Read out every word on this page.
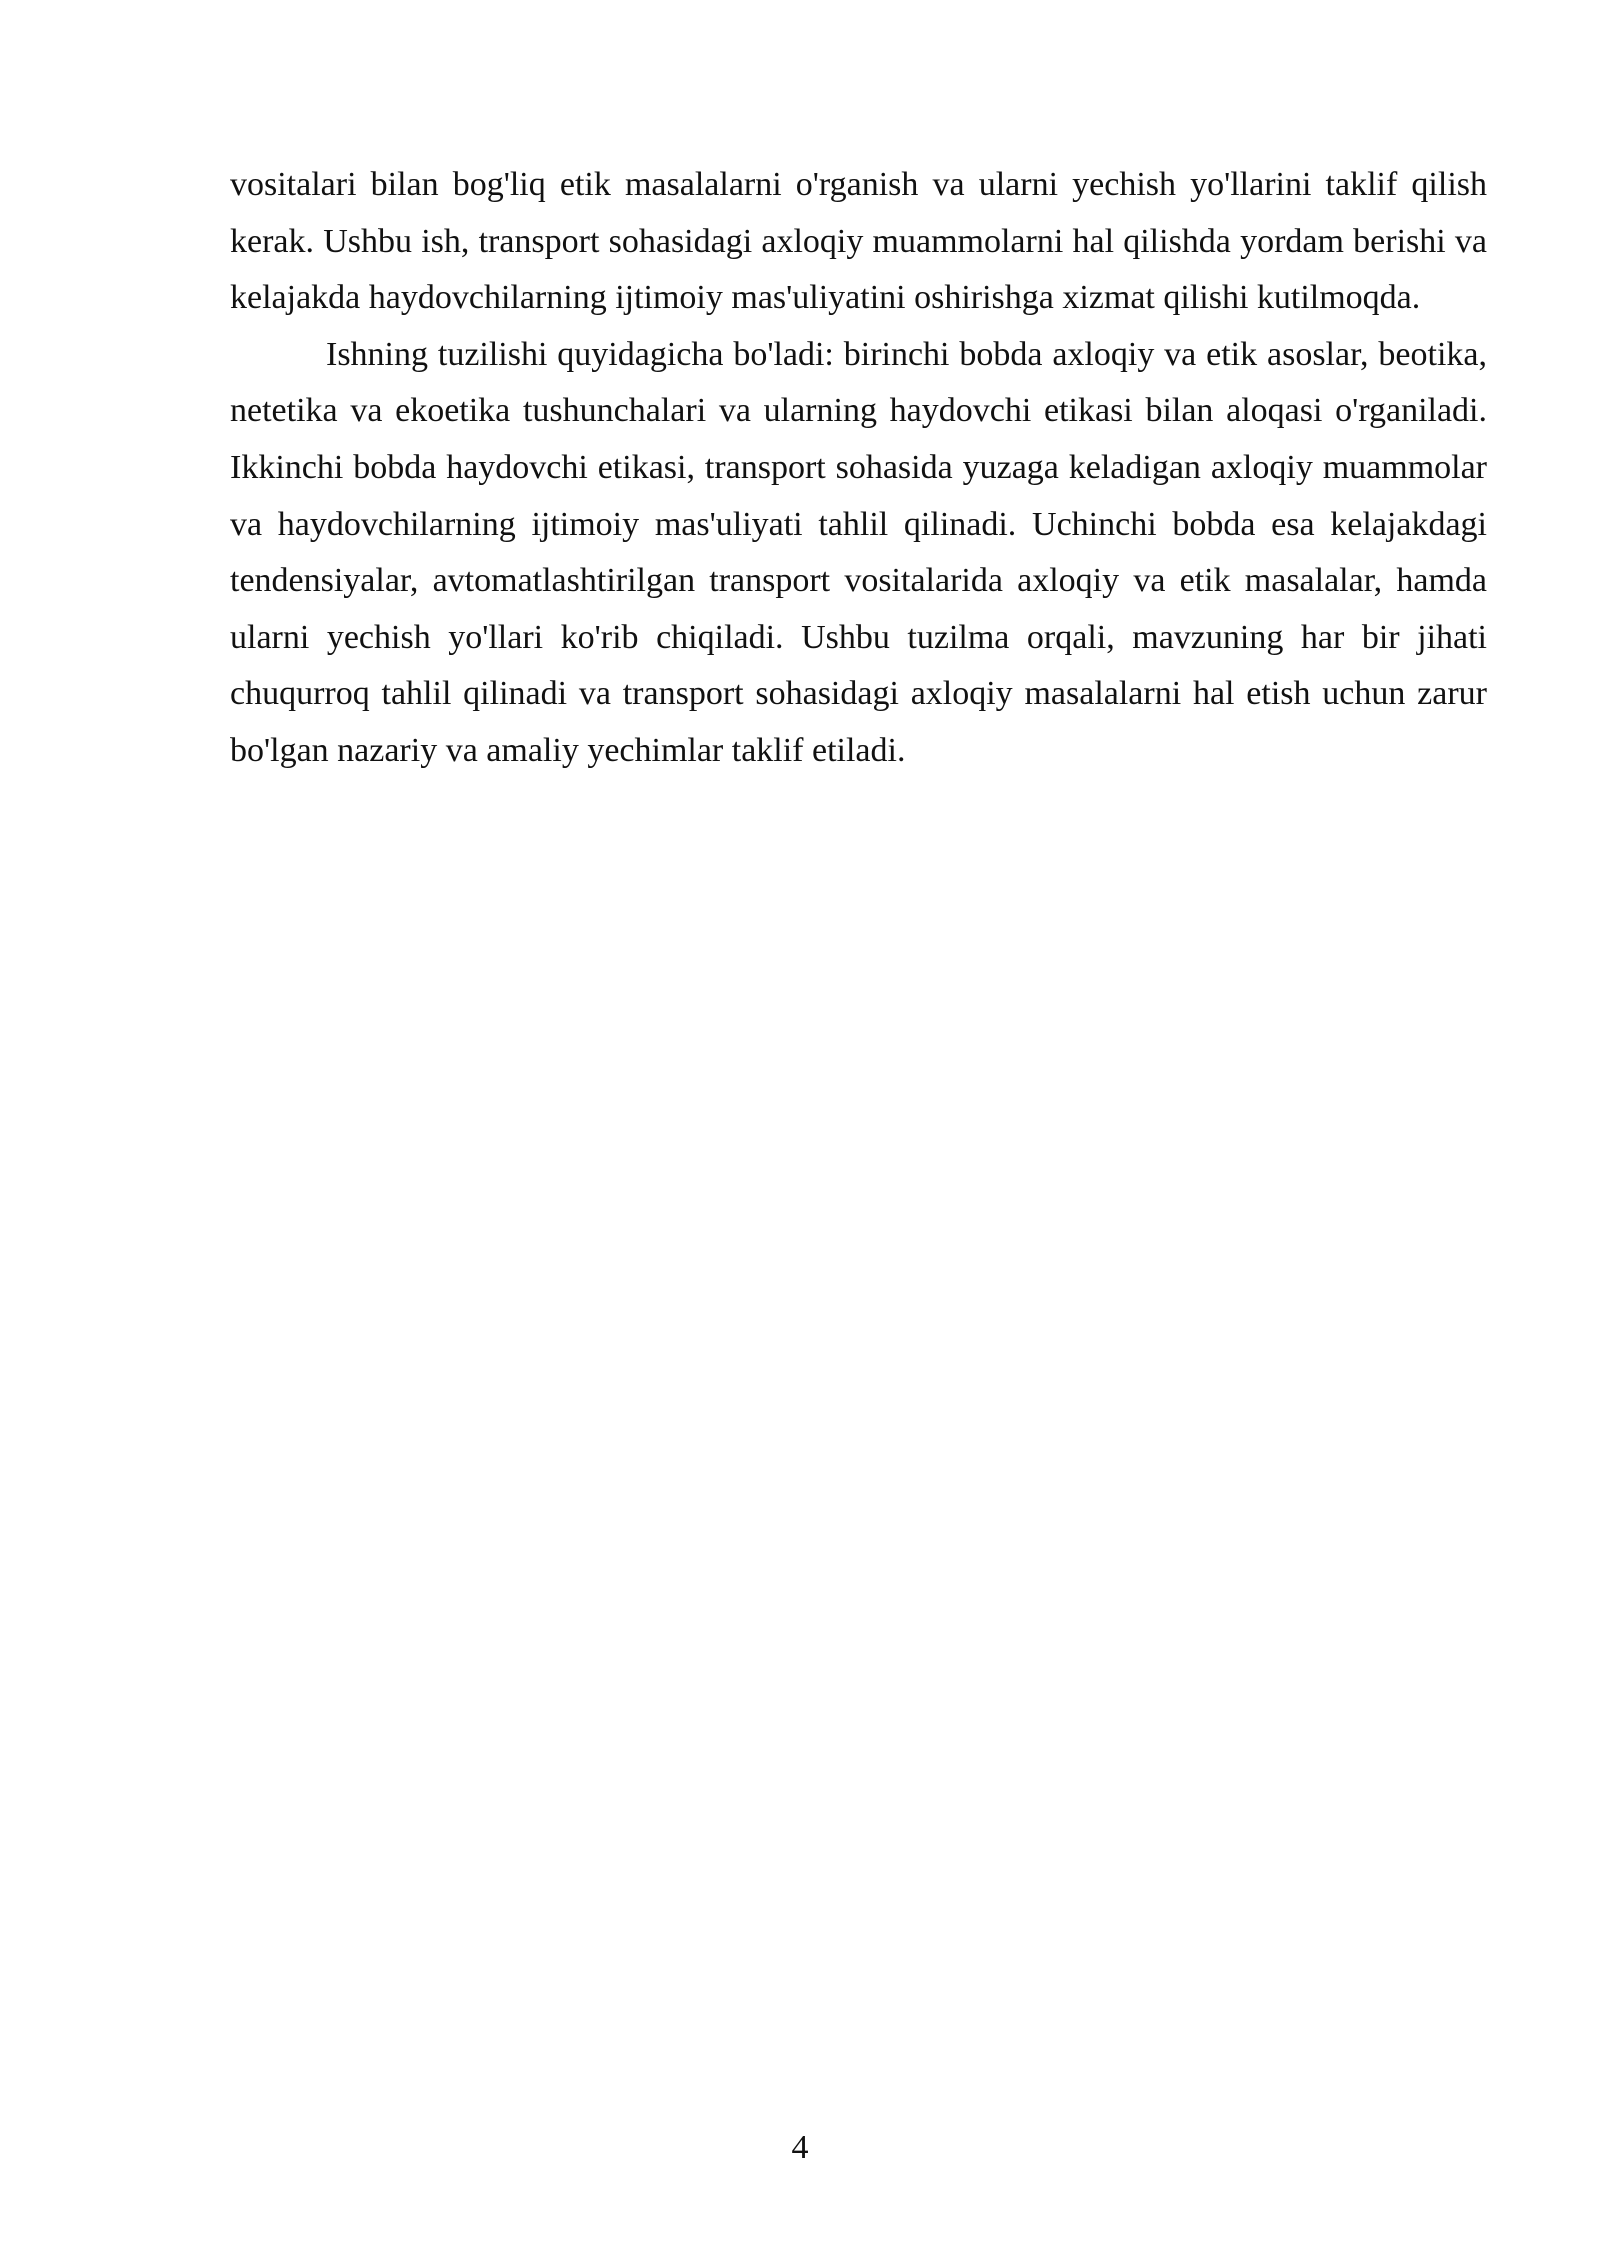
vositalari bilan bog'liq etik masalalarni o'rganish va ularni yechish yo'llarini taklif qilish kerak. Ushbu ish, transport sohasidagi axloqiy muammolarni hal qilishda yordam berishi va kelajakda haydovchilarning ijtimoiy mas'uliyatini oshirishga xizmat qilishi kutilmoqda.

Ishning tuzilishi quyidagicha bo'ladi: birinchi bobda axloqiy va etik asoslar, beotika, netetika va ekoetika tushunchalari va ularning haydovchi etikasi bilan aloqasi o'rganiladi. Ikkinchi bobda haydovchi etikasi, transport sohasida yuzaga keladigan axloqiy muammolar va haydovchilarning ijtimoiy mas'uliyati tahlil qilinadi. Uchinchi bobda esa kelajakdagi tendensiyalar, avtomatlashtirilgan transport vositalarida axloqiy va etik masalalar, hamda ularni yechish yo'llari ko'rib chiqiladi. Ushbu tuzilma orqali, mavzuning har bir jihati chuqurroq tahlil qilinadi va transport sohasidagi axloqiy masalalarni hal etish uchun zarur bo'lgan nazariy va amaliy yechimlar taklif etiladi.

4
